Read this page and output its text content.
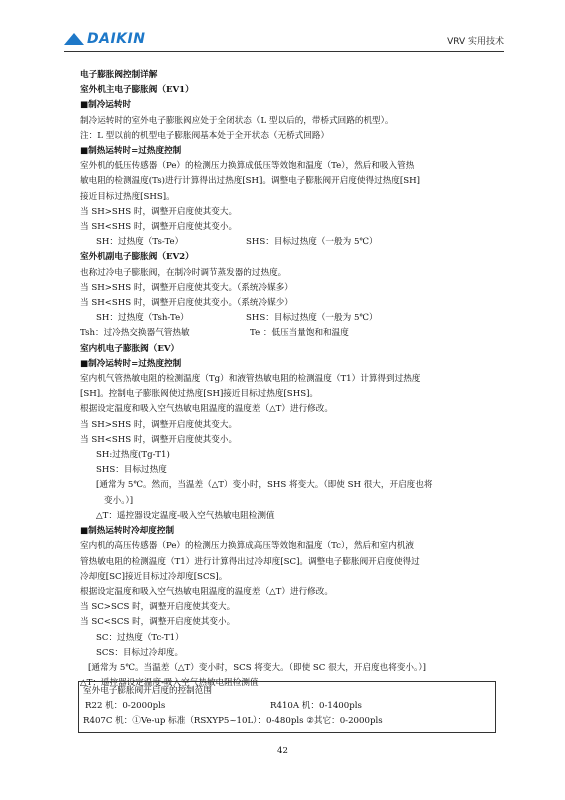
DAIKIN	VRV 实用技术
电子膨胀阀控制详解
室外机主电子膨胀阀（EV1）
■制冷运转时
制冷运转时的室外电子膨胀阀应处于全闭状态（L 型以后的，带桥式回路的机型）。
注：L 型以前的机型电子膨胀阀基本处于全开状态（无桥式回路）
■制热运转时=过热度控制
室外机的低压传感器（Pe）的检测压力换算成低压等效饱和温度（Te），然后和吸入管热
敏电阻的检测温度(Ts)进行计算得出过热度[SH]。调整电子膨胀阀开启度使得过热度[SH]
接近目标过热度[SHS]。
当 SH>SHS 时，调整开启度使其变大。
当 SH<SHS 时，调整开启度使其变小。
SH：过热度（Ts-Te）	SHS：目标过热度（一般为 5℃）
室外机副电子膨胀阀（EV2）
也称过冷电子膨胀阀，在制冷时调节蒸发器的过热度。
当 SH>SHS 时，调整开启度使其变大。（系统冷媒多）
当 SH<SHS 时，调整开启度使其变小。（系统冷媒少）
SH：过热度（Tsh-Te）	SHS：目标过热度（一般为 5℃）
Tsh：过冷热交换器气管热敏	Te ：低压当量饱和和温度
室内机电子膨胀阀（EV）
■制冷运转时=过热度控制
室内机气管热敏电阻的检测温度（Tg）和液管热敏电阻的检测温度（T1）计算得到过热度
[SH]。控制电子膨胀阀使过热度[SH]接近目标过热度[SHS]。
根据设定温度和吸入空气热敏电阻温度的温度差（△T）进行修改。
当 SH>SHS 时，调整开启度使其变大。
当 SH<SHS 时，调整开启度使其变小。
SH:过热度(Tg-T1)
SHS：目标过热度
[通常为 5℃。然而，当温差（△T）变小时，SHS 将变大。（即使 SH 很大，开启度也将
变小。）]
△T：遥控器设定温度-吸入空气热敏电阻检测值
■制热运转时冷却度控制
室内机的高压传感器（Pe）的检测压力换算成高压等效饱和温度（Tc），然后和室内机液
管热敏电阻的检测温度（T1）进行计算得出过冷却度[SC]。调整电子膨胀阀开启度使得过
冷却度[SC]接近目标过冷却度[SCS]。
根据设定温度和吸入空气热敏电阻温度的温度差（△T）进行修改。
当 SC>SCS 时，调整开启度使其变大。
当 SC<SCS 时，调整开启度使其变小。
SC：过热度（Tc-T1）
SCS：目标过冷却度。
[通常为 5℃。当温差（△T）变小时，SCS 将变大。（即使 SC 很大，开启度也将变小。）]
△T：遥控器设定温度-吸入空气热敏电阻检测值
室外电子膨胀阀开启度的控制范围
R22 机：0-2000pls	R410A 机：0-1400pls
R407C 机：①Ve-up 标准（RSXYP5~10L）：0-480pls ②其它：0-2000pls
42
